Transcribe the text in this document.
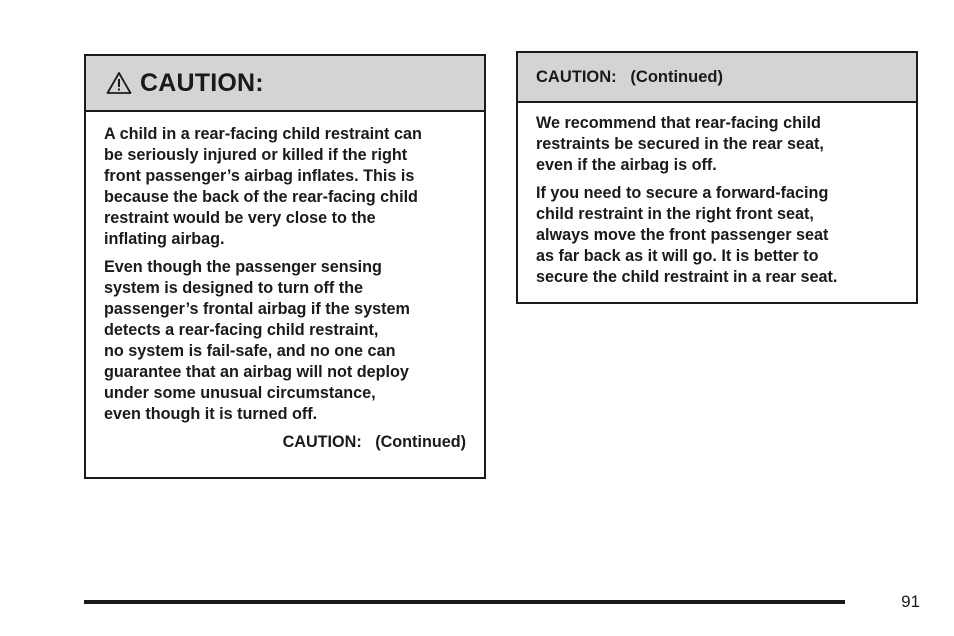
CAUTION:

A child in a rear-facing child restraint can
be seriously injured or killed if the right
front passenger’s airbag inflates. This is
because the back of the rear-facing child
restraint would be very close to the
inflating airbag.

Even though the passenger sensing
system is designed to turn off the
passenger’s frontal airbag if the system
detects a rear-facing child restraint,
no system is fail-safe, and no one can
guarantee that an airbag will not deploy
under some unusual circumstance,
even though it is turned off.

CAUTION:   (Continued)
CAUTION:   (Continued)

We recommend that rear-facing child
restraints be secured in the rear seat,
even if the airbag is off.

If you need to secure a forward-facing
child restraint in the right front seat,
always move the front passenger seat
as far back as it will go. It is better to
secure the child restraint in a rear seat.

91
